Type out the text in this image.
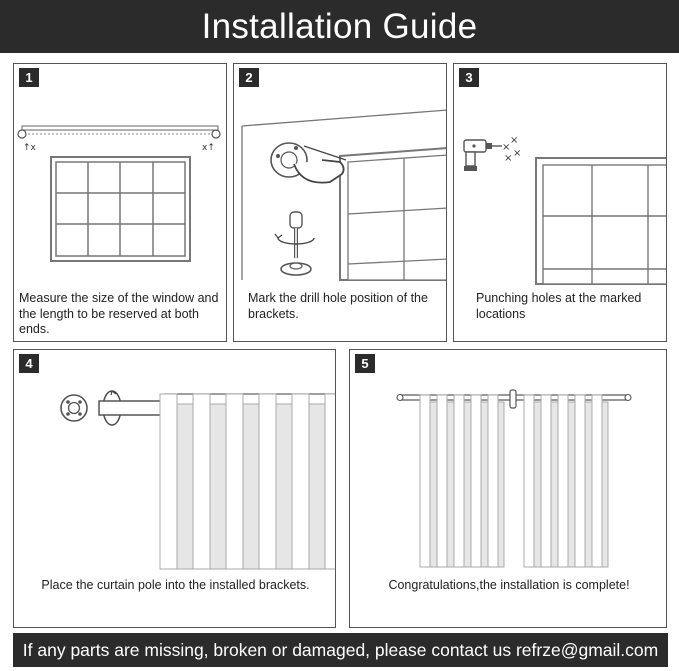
Installation Guide
1
↑x	x↑
Measure the size of the window and the length to be reserved at both ends.
2
Mark the drill hole position of the brackets.
3
×
×
× ×
Punching holes at the marked locations
4
Place the curtain pole into the installed brackets.
5
Congratulations,the installation is complete!
If any parts are missing, broken or damaged, please contact us refrze@gmail.com
